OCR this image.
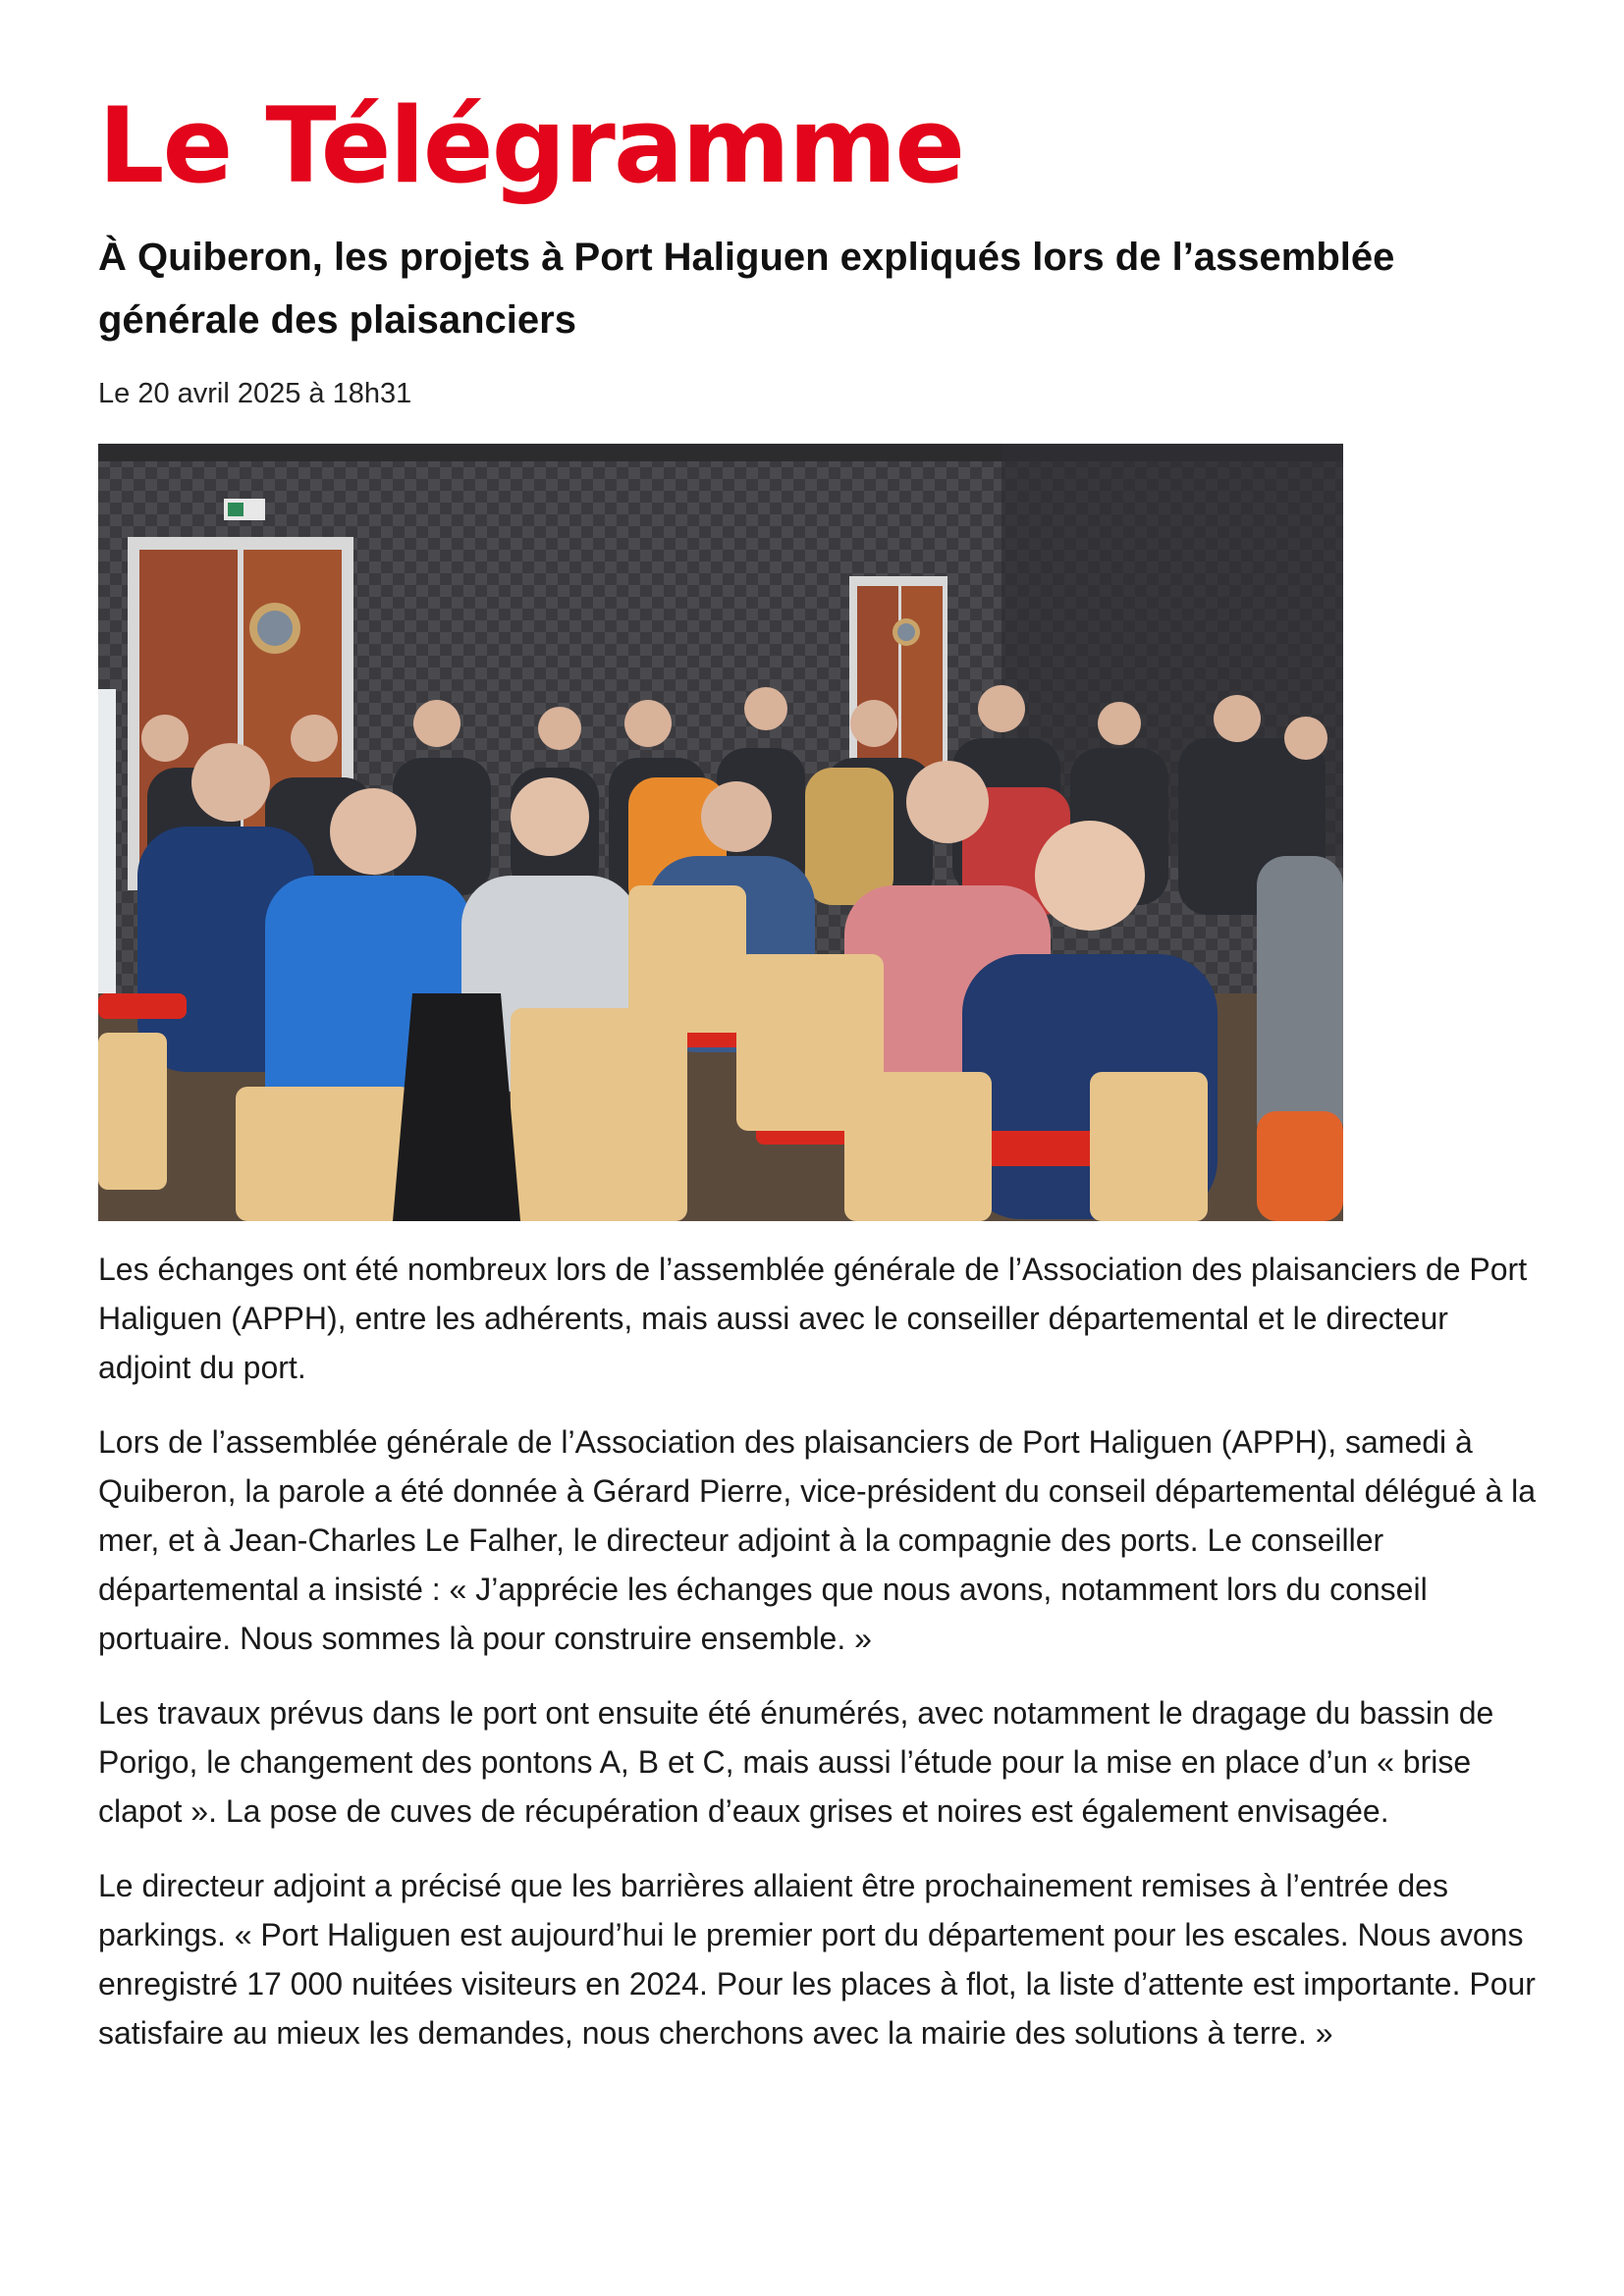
Le Télégramme
À Quiberon, les projets à Port Haliguen expliqués lors de l’assemblée générale des plaisanciers
Le 20 avril 2025 à 18h31

Les échanges ont été nombreux lors de l’assemblée générale de l’Association des plaisanciers de Port Haliguen (APPH), entre les adhérents, mais aussi avec le conseiller départemental et le directeur adjoint du port.

Lors de l’assemblée générale de l’Association des plaisanciers de Port Haliguen (APPH), samedi à Quiberon, la parole a été donnée à Gérard Pierre, vice-président du conseil départemental délégué à la mer, et à Jean-Charles Le Falher, le directeur adjoint à la compagnie des ports. Le conseiller départemental a insisté : « J’apprécie les échanges que nous avons, notamment lors du conseil portuaire. Nous sommes là pour construire ensemble. »

Les travaux prévus dans le port ont ensuite été énumérés, avec notamment le dragage du bassin de Porigo, le changement des pontons A, B et C, mais aussi l’étude pour la mise en place d’un « brise clapot ». La pose de cuves de récupération d’eaux grises et noires est également envisagée.

Le directeur adjoint a précisé que les barrières allaient être prochainement remises à l’entrée des parkings. « Port Haliguen est aujourd’hui le premier port du département pour les escales. Nous avons enregistré 17 000 nuitées visiteurs en 2024. Pour les places à flot, la liste d’attente est importante. Pour satisfaire au mieux les demandes, nous cherchons avec la mairie des solutions à terre. »
